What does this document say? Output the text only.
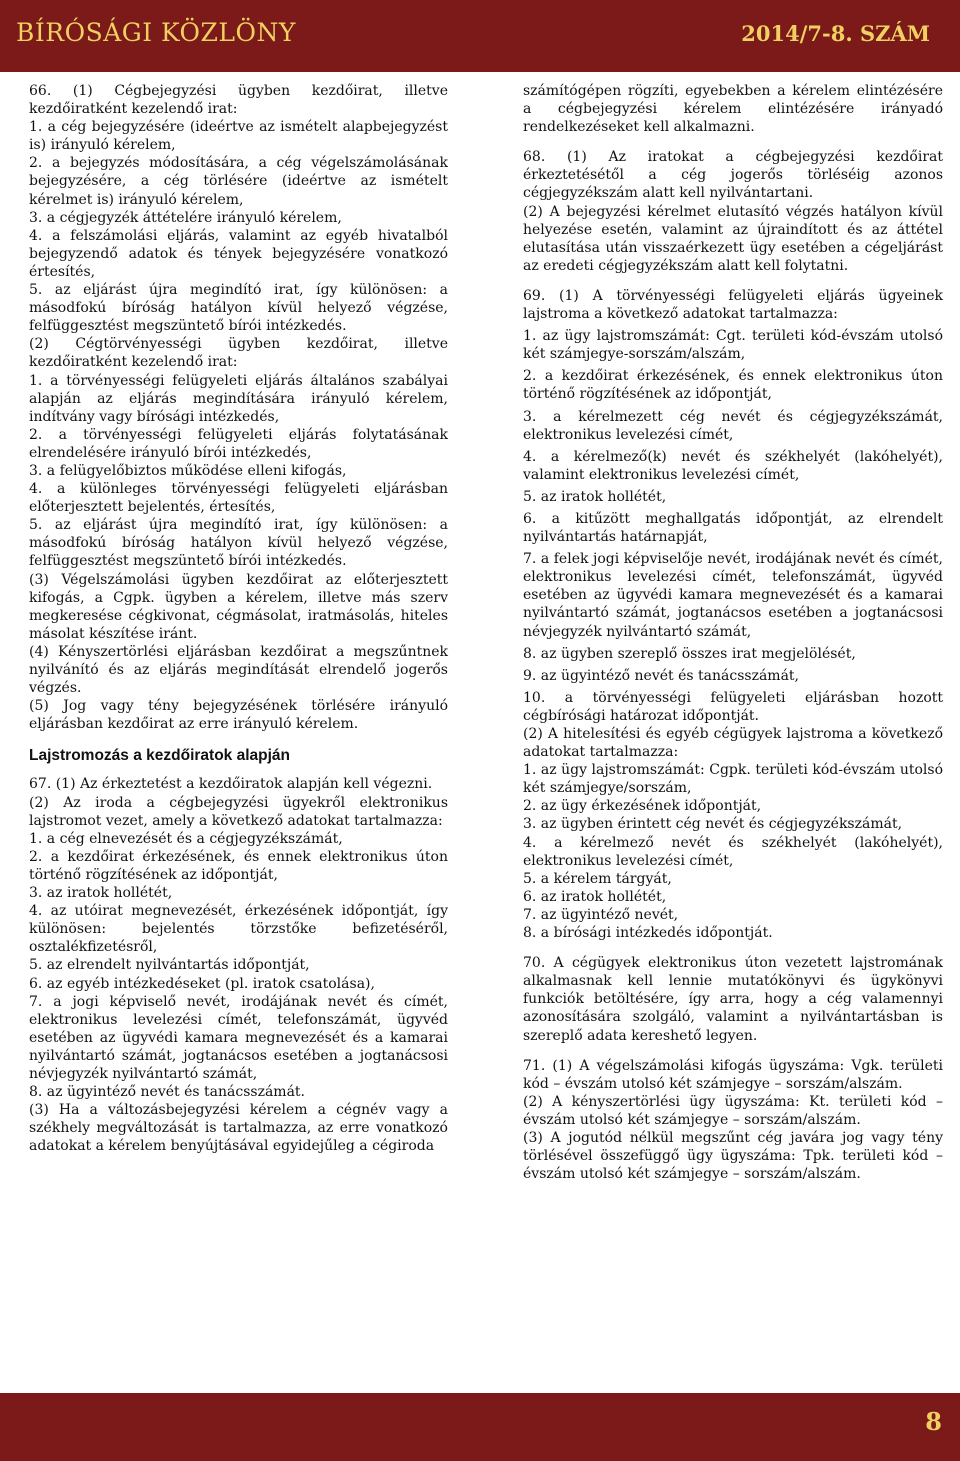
BÍRÓSÁGI KÖZLÖNY	2014/7-8. SZÁM

66. (1) Cégbejegyzési ügyben kezdőirat, illetve kezdőiratként kezelendő irat:

1. a cég bejegyzésére (ideértve az ismételt alapbejegyzést is) irányuló kérelem,

2. a bejegyzés módosítására, a cég végelszámolásának bejegyzésére, a cég törlésére (ideértve az ismételt kérelmet is) irányuló kérelem,

3. a cégjegyzék áttételére irányuló kérelem,

4. a felszámolási eljárás, valamint az egyéb hivatalból bejegyzendő adatok és tények bejegyzésére vonatkozó értesítés,

5. az eljárást újra megindító irat, így különösen: a másodfokú bíróság hatályon kívül helyező végzése, felfüggesztést megszüntető bírói intézkedés.

(2) Cégtörvényességi ügyben kezdőirat, illetve kezdőiratként kezelendő irat:

1. a törvényességi felügyeleti eljárás általános szabályai alapján az eljárás megindítására irányuló kérelem, indítvány vagy bírósági intézkedés,

2. a törvényességi felügyeleti eljárás folytatásának elrendelésére irányuló bírói intézkedés,

3. a felügyelőbiztos működése elleni kifogás,

4. a különleges törvényességi felügyeleti eljárásban előterjesztett bejelentés, értesítés,

5. az eljárást újra megindító irat, így különösen: a másodfokú bíróság hatályon kívül helyező végzése, felfüggesztést megszüntető bírói intézkedés.

(3) Végelszámolási ügyben kezdőirat az előterjesztett kifogás, a Cgpk. ügyben a kérelem, illetve más szerv megkeresése cégkivonat, cégmásolat, iratmásolás, hiteles másolat készítése iránt.

(4) Kényszertörlési eljárásban kezdőirat a megszűntnek nyilvánító és az eljárás megindítását elrendelő jogerős végzés.

(5) Jog vagy tény bejegyzésének törlésére irányuló eljárásban kezdőirat az erre irányuló kérelem.

Lajstromozás a kezdőiratok alapján

67. (1) Az érkeztetést a kezdőiratok alapján kell végezni.

(2) Az iroda a cégbejegyzési ügyekről elektronikus lajstromot vezet, amely a következő adatokat tartalmazza:

1. a cég elnevezését és a cégjegyzékszámát,

2. a kezdőirat érkezésének, és ennek elektronikus úton történő rögzítésének az időpontját,

3. az iratok hollétét,

4. az utóirat megnevezését, érkezésének időpontját, így különösen: bejelentés törzstőke befizetéséről, osztalékfizetésről,

5. az elrendelt nyilvántartás időpontját,

6. az egyéb intézkedéseket (pl. iratok csatolása),

7. a jogi képviselő nevét, irodájának nevét és címét, elektronikus levelezési címét, telefonszámát, ügyvéd esetében az ügyvédi kamara megnevezését és a kamarai nyilvántartó számát, jogtanácsos esetében a jogtanácsosi névjegyzék nyilvántartó számát,

8. az ügyintéző nevét és tanácsszámát.

(3) Ha a változásbejegyzési kérelem a cégnév vagy a székhely megváltozását is tartalmazza, az erre vonatkozó adatokat a kérelem benyújtásával egyidejűleg a cégiroda

számítógépen rögzíti, egyebekben a kérelem elintézésére a cégbejegyzési kérelem elintézésére irányadó rendelkezéseket kell alkalmazni.

68. (1) Az iratokat a cégbejegyzési kezdőirat érkeztetésétől a cég jogerős törléséig azonos cégjegyzékszám alatt kell nyilvántartani.

(2) A bejegyzési kérelmet elutasító végzés hatályon kívül helyezése esetén, valamint az újraindított és az áttétel elutasítása után visszaérkezett ügy esetében a cégeljárást az eredeti cégjegyzékszám alatt kell folytatni.

69. (1) A törvényességi felügyeleti eljárás ügyeinek lajstroma a következő adatokat tartalmazza:

1. az ügy lajstromszámát: Cgt. területi kód-évszám utolsó két számjegye-sorszám/alszám,

2. a kezdőirat érkezésének, és ennek elektronikus úton történő rögzítésének az időpontját,

3. a kérelmezett cég nevét és cégjegyzékszámát, elektronikus levelezési címét,

4. a kérelmező(k) nevét és székhelyét (lakóhelyét), valamint elektronikus levelezési címét,

5. az iratok hollétét,

6. a kitűzött meghallgatás időpontját, az elrendelt nyilvántartás határnapját,

7. a felek jogi képviselője nevét, irodájának nevét és címét, elektronikus levelezési címét, telefonszámát, ügyvéd esetében az ügyvédi kamara megnevezését és a kamarai nyilvántartó számát, jogtanácsos esetében a jogtanácsosi névjegyzék nyilvántartó számát,

8. az ügyben szereplő összes irat megjelölését,

9. az ügyintéző nevét és tanácsszámát,

10. a törvényességi felügyeleti eljárásban hozott cégbírósági határozat időpontját.

(2) A hitelesítési és egyéb cégügyek lajstroma a következő adatokat tartalmazza:

1. az ügy lajstromszámát: Cgpk. területi kód-évszám utolsó két számjegye/sorszám,

2. az ügy érkezésének időpontját,

3. az ügyben érintett cég nevét és cégjegyzékszámát,

4. a kérelmező nevét és székhelyét (lakóhelyét), elektronikus levelezési címét,

5. a kérelem tárgyát,

6. az iratok hollétét,

7. az ügyintéző nevét,

8. a bírósági intézkedés időpontját.

70. A cégügyek elektronikus úton vezetett lajstromának alkalmasnak kell lennie mutatókönyvi és ügykönyvi funkciók betöltésére, így arra, hogy a cég valamennyi azonosítására szolgáló, valamint a nyilvántartásban is szereplő adata kereshető legyen.

71. (1) A végelszámolási kifogás ügyszáma: Vgk. területi kód – évszám utolsó két számjegye – sorszám/alszám.

(2) A kényszertörlési ügy ügyszáma: Kt. területi kód – évszám utolsó két számjegye – sorszám/alszám.

(3) A jogutód nélkül megszűnt cég javára jog vagy tény törlésével összefüggő ügy ügyszáma: Tpk. területi kód – évszám utolsó két számjegye – sorszám/alszám.

8
